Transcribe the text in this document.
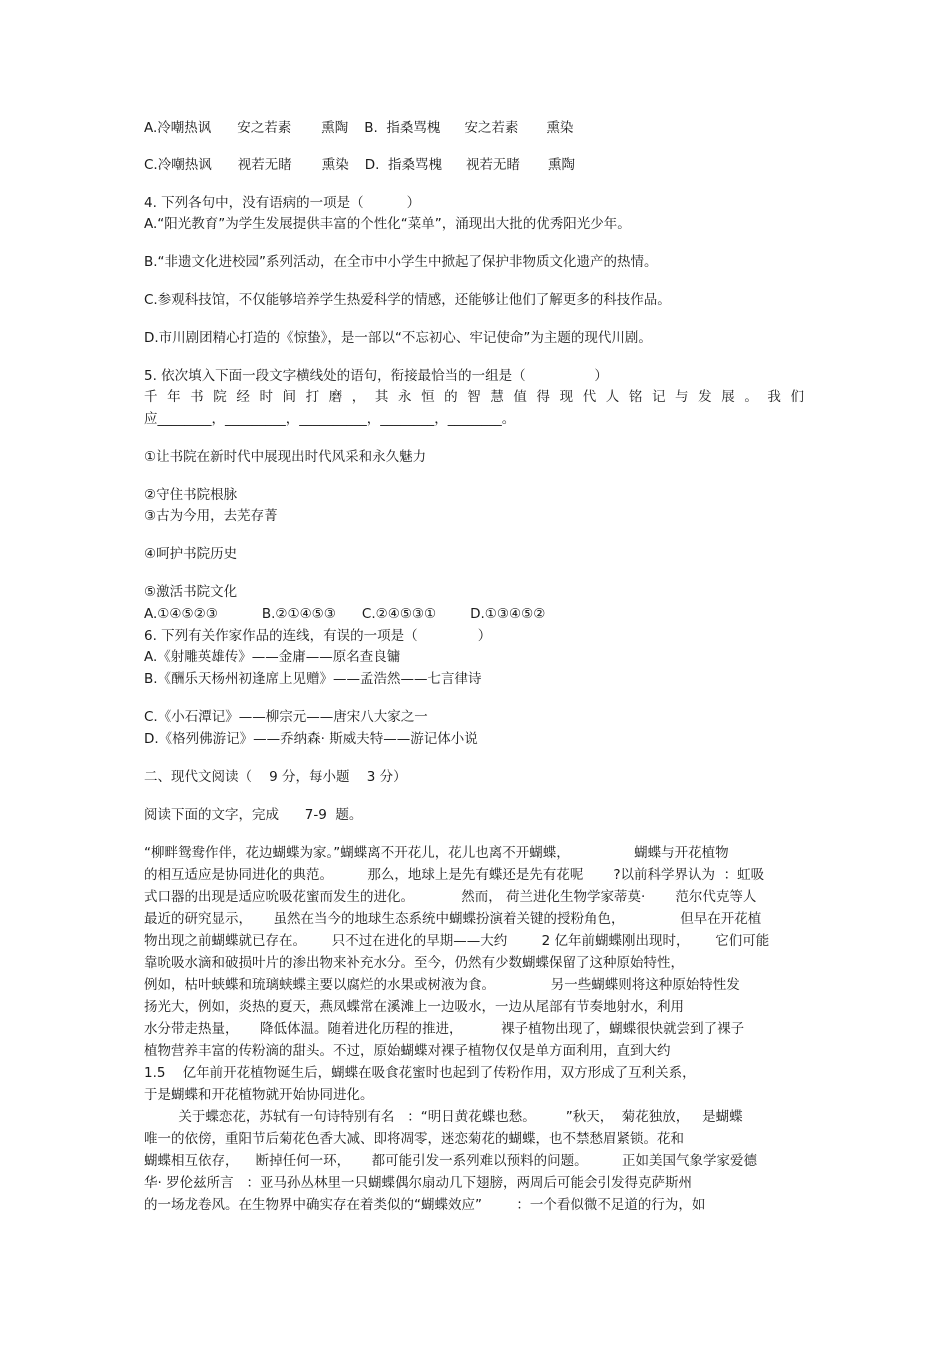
A.冷嘲热讽 安之若素 熏陶 B.  指桑骂槐 安之若素 熏染
C.冷嘲热讽 视若无睹 熏染 D.  指桑骂槐 视若无睹 熏陶
4. 下列各句中，没有语病的一项是（          ）
A.“阳光教育”为学生发展提供丰富的个性化“菜单”，涌现出大批的优秀阳光少年。
B.“非遗文化进校园”系列活动，在全市中小学生中掀起了保护非物质文化遗产的热情。
C.参观科技馆，不仅能够培养学生热爱科学的情感，还能够让他们了解更多的科技作品。
D.市川剧团精心打造的《惊蛰》，是一部以“不忘初心、牢记使命”为主题的现代川剧。
5. 依次填入下面一段文字横线处的语句，衔接最恰当的一组是（                ）
千 年 书 院 经 时 间 打 磨 ， 其 永 恒 的 智 慧 值 得 现 代 人 铭 记 与 发 展 。 我 们
应________，_________，__________，________，________。
①让书院在新时代中展现出时代风采和永久魅力
②守住书院根脉
③古为今用，去芜存菁
④呵护书院历史
⑤激活书院文化
A.①④⑤②③	B.②①④⑤③ C.②④⑤③①	D.①③④⑤②
6. 下列有关作家作品的连线，有误的一项是（              ）
A.《射雕英雄传》——金庸——原名查良镛
B.《酬乐天杨州初逢席上见赠》——孟浩然——七言律诗
C.《小石潭记》——柳宗元——唐宋八大家之一
D.《格列佛游记》——乔纳森· 斯威夫特——游记体小说
二、现代文阅读（    9 分，每小题    3 分）
阅读下面的文字，完成      7-9  题。
“柳畔鸳鸯作伴，花边蝴蝶为家。”蝴蝶离不开花儿，花儿也离不开蝴蝶，               蝴蝶与开花植物
的相互适应是协同进化的典范。        那么，地球上是先有蝶还是先有花呢       ?以前科学界认为  ：虹吸
式口器的出现是适应吮吸花蜜而发生的进化。           然而， 荷兰进化生物学家蒂莫·       范尔代克等人
最近的研究显示，     虽然在当今的地球生态系统中蝴蝶扮演着关键的授粉角色，             但早在开花植
物出现之前蝴蝶就已存在。      只不过在进化的早期——大约        2 亿年前蝴蝶刚出现时，      它们可能
靠吮吸水滴和破损叶片的渗出物来补充水分。至今，仍然有少数蝴蝶保留了这种原始特性，
例如，枯叶蛱蝶和琉璃蛱蝶主要以腐烂的水果或树液为食。             另一些蝴蝶则将这种原始特性发
扬光大，例如，炎热的夏天，燕凤蝶常在溪滩上一边吸水，一边从尾部有节奏地射水，利用
水分带走热量，     降低体温。随着进化历程的推进，         裸子植物出现了，蝴蝶很快就尝到了裸子
植物营养丰富的传粉滴的甜头。不过，原始蝴蝶对裸子植物仅仅是单方面利用，直到大约
1.5    亿年前开花植物诞生后，蝴蝶在吸食花蜜时也起到了传粉作用，双方形成了互利关系，
于是蝴蝶和开花植物就开始协同进化。
关于蝶恋花，苏轼有一句诗特别有名   ：“明日黄花蝶也愁。       ”秋天，  菊花独放，   是蝴蝶
唯一的依傍，重阳节后菊花色香大减、即将凋零，迷恋菊花的蝴蝶，也不禁愁眉紧锁。花和
蝴蝶相互依存，    断掉任何一环，     都可能引发一系列难以预料的问题。        正如美国气象学家爱德
华· 罗伦兹所言   ：亚马孙丛林里一只蝴蝶偶尔扇动几下翅膀，两周后可能会引发得克萨斯州
的一场龙卷风。在生物界中确实存在着类似的“蝴蝶效应”        ：一个看似微不足道的行为，如
